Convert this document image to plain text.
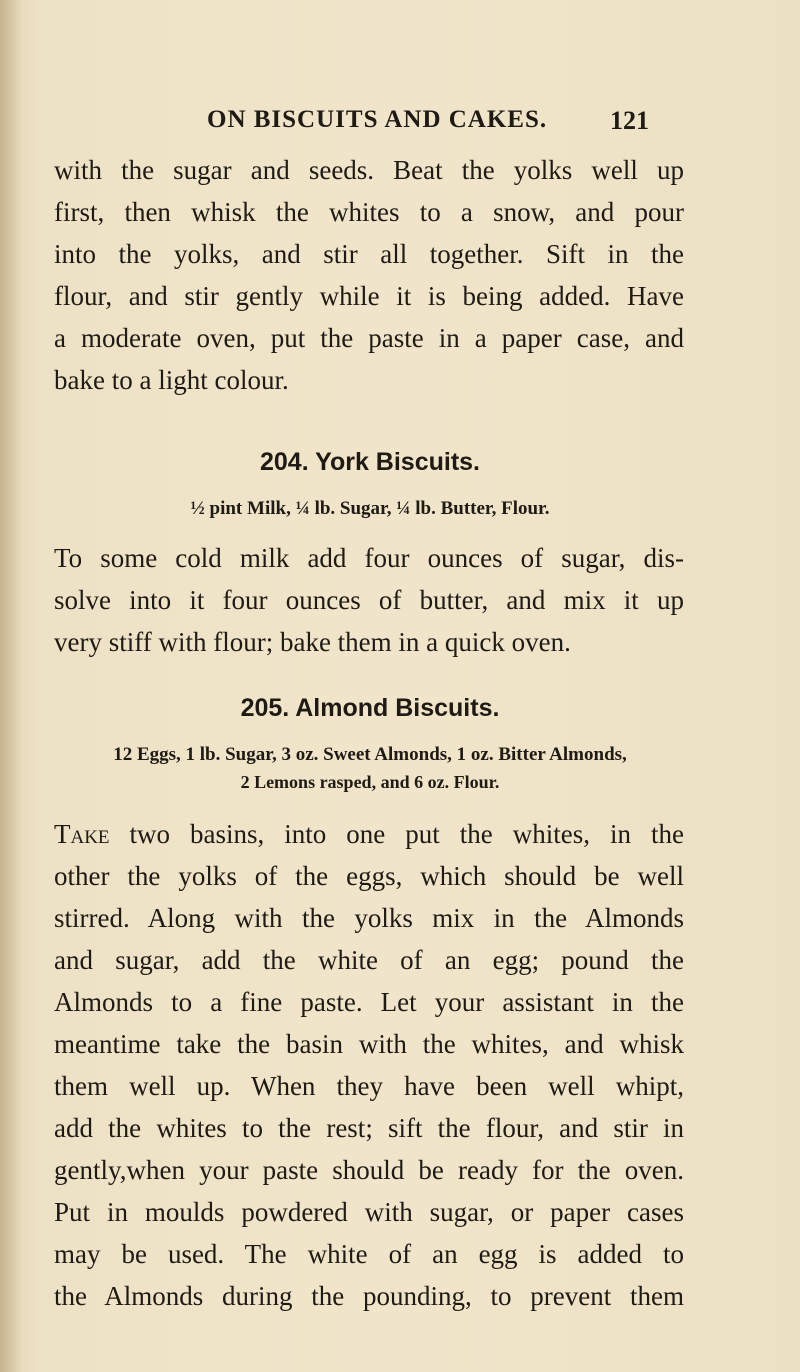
ON BISCUITS AND CAKES. 121
with the sugar and seeds. Beat the yolks well up
first, then whisk the whites to a snow, and pour
into the yolks, and stir all together. Sift in the
flour, and stir gently while it is being added. Have
a moderate oven, put the paste in a paper case, and
bake to a light colour.
204. York Biscuits.
½ pint Milk, ¼ lb. Sugar, ¼ lb. Butter, Flour.
To some cold milk add four ounces of sugar, dis-
solve into it four ounces of butter, and mix it up
very stiff with flour; bake them in a quick oven.
205. Almond Biscuits.
12 Eggs, 1 lb. Sugar, 3 oz. Sweet Almonds, 1 oz. Bitter Almonds,
2 Lemons rasped, and 6 oz. Flour.
Take two basins, into one put the whites, in the
other the yolks of the eggs, which should be well
stirred. Along with the yolks mix in the Almonds
and sugar, add the white of an egg; pound the
Almonds to a fine paste. Let your assistant in the
meantime take the basin with the whites, and whisk
them well up. When they have been well whipt,
add the whites to the rest; sift the flour, and stir in
gently,when your paste should be ready for the oven.
Put in moulds powdered with sugar, or paper cases
may be used. The white of an egg is added to
the Almonds during the pounding, to prevent them
